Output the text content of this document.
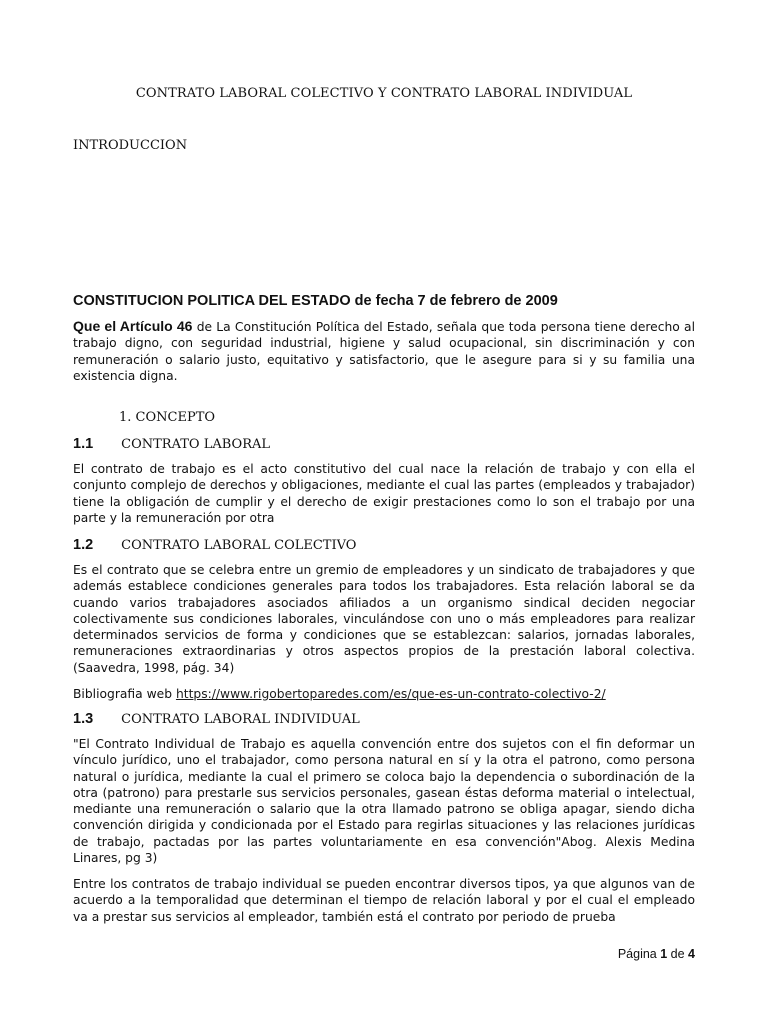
CONTRATO LABORAL COLECTIVO Y CONTRATO LABORAL INDIVIDUAL
INTRODUCCION
CONSTITUCION POLITICA DEL ESTADO de fecha 7 de febrero de 2009

Que el Artículo 46 de La Constitución Política del Estado, señala que toda persona tiene derecho al trabajo digno, con seguridad industrial, higiene y salud ocupacional, sin discriminación y con remuneración o salario justo, equitativo y satisfactorio, que le asegure para si y su familia una existencia digna.

1. CONCEPTO
1.1 CONTRATO LABORAL

El contrato de trabajo es el acto constitutivo del cual nace la relación de trabajo y con ella el conjunto complejo de derechos y obligaciones, mediante el cual las partes (empleados y trabajador) tiene la obligación de cumplir y el derecho de exigir prestaciones como lo son el trabajo por una parte y la remuneración por otra

1.2 CONTRATO LABORAL COLECTIVO

Es el contrato que se celebra entre un gremio de empleadores y un sindicato de trabajadores y que además establece condiciones generales para todos los trabajadores. Esta relación laboral se da cuando varios trabajadores asociados afiliados a un organismo sindical deciden negociar colectivamente sus condiciones laborales, vinculándose con uno o más empleadores para realizar determinados servicios de forma y condiciones que se establezcan: salarios, jornadas laborales, remuneraciones extraordinarias y otros aspectos propios de la prestación laboral colectiva. (Saavedra, 1998, pág. 34)

Bibliografia web https://www.rigobertoparedes.com/es/que-es-un-contrato-colectivo-2/

1.3 CONTRATO LABORAL INDIVIDUAL

"El Contrato Individual de Trabajo es aquella convención entre dos sujetos con el fin deformar un vínculo jurídico, uno el trabajador, como persona natural en sí y la otra el patrono, como persona natural o jurídica, mediante la cual el primero se coloca bajo la dependencia o subordinación de la otra (patrono) para prestarle sus servicios personales, gasean éstas deforma material o intelectual, mediante una remuneración o salario que la otra llamado patrono se obliga apagar, siendo dicha convención dirigida y condicionada por el Estado para regirlas situaciones y las relaciones jurídicas de trabajo, pactadas por las partes voluntariamente en esa convención"Abog. Alexis Medina Linares, pg 3)

Entre los contratos de trabajo individual se pueden encontrar diversos tipos, ya que algunos van de acuerdo a la temporalidad que determinan el tiempo de relación laboral y por el cual el empleado va a prestar sus servicios al empleador, también está el contrato por periodo de prueba

Página 1 de 4
